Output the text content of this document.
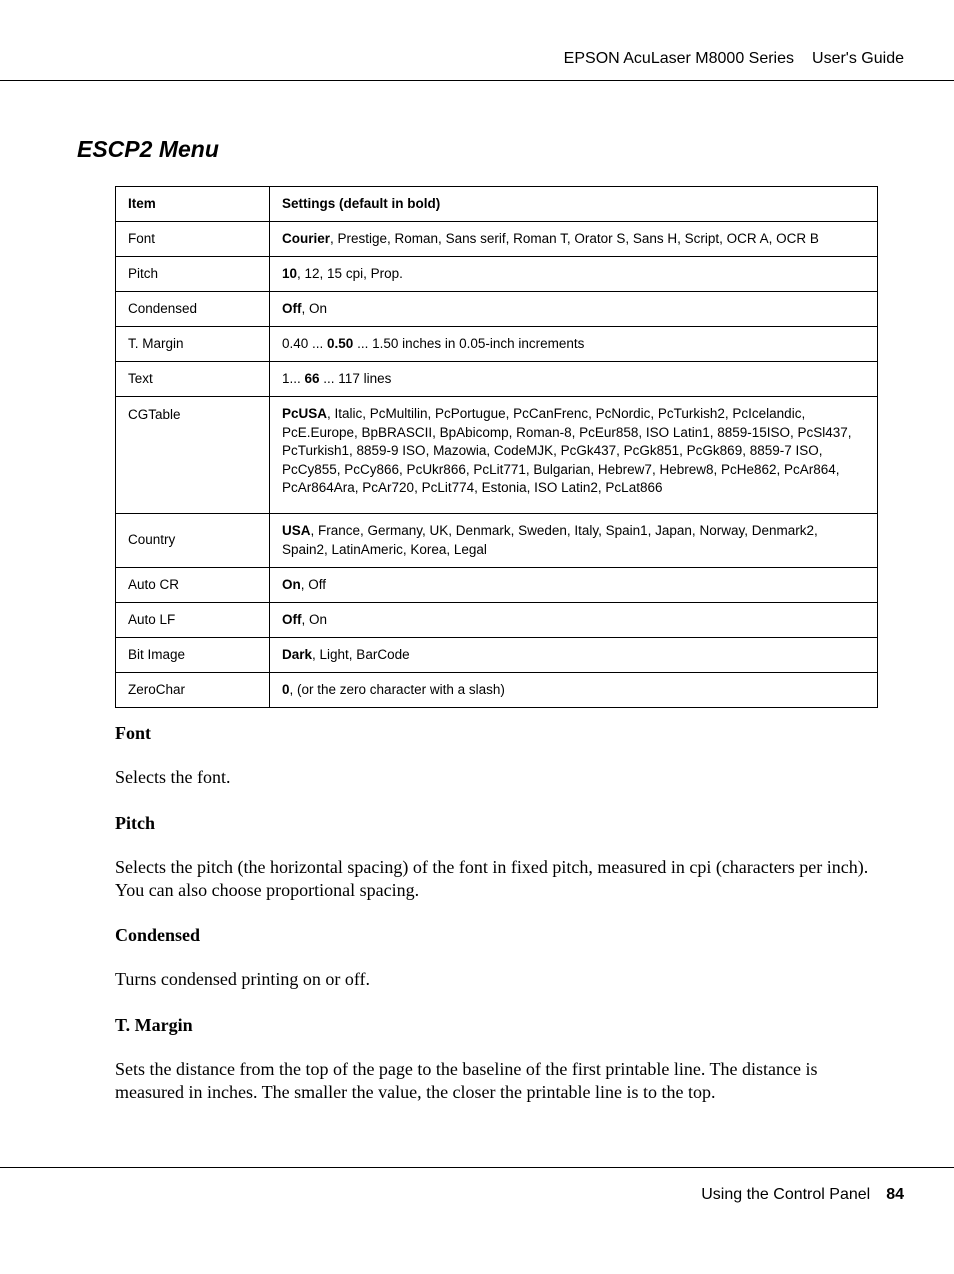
EPSON AcuLaser M8000 Series User's Guide
ESCP2 Menu
Item	Settings (default in bold)
Font	Courier, Prestige, Roman, Sans serif, Roman T, Orator S, Sans H, Script, OCR A, OCR B
Pitch	10, 12, 15 cpi, Prop.
Condensed	Off, On
T. Margin	0.40 ... 0.50 ... 1.50 inches in 0.05-inch increments
Text	1... 66 ... 117 lines
CGTable	PcUSA, Italic, PcMultilin, PcPortugue, PcCanFrenc, PcNordic, PcTurkish2, PcIcelandic, PcE.Europe, BpBRASCII, BpAbicomp, Roman-8, PcEur858, ISO Latin1, 8859-15ISO, PcSl437, PcTurkish1, 8859-9 ISO, Mazowia, CodeMJK, PcGk437, PcGk851, PcGk869, 8859-7 ISO, PcCy855, PcCy866, PcUkr866, PcLit771, Bulgarian, Hebrew7, Hebrew8, PcHe862, PcAr864, PcAr864Ara, PcAr720, PcLit774, Estonia, ISO Latin2, PcLat866
Country	USA, France, Germany, UK, Denmark, Sweden, Italy, Spain1, Japan, Norway, Denmark2, Spain2, LatinAmeric, Korea, Legal
Auto CR	On, Off
Auto LF	Off, On
Bit Image	Dark, Light, BarCode
ZeroChar	0, (or the zero character with a slash)
Font
Selects the font.
Pitch
Selects the pitch (the horizontal spacing) of the font in fixed pitch, measured in cpi (characters per inch). You can also choose proportional spacing.
Condensed
Turns condensed printing on or off.
T. Margin
Sets the distance from the top of the page to the baseline of the first printable line. The distance is measured in inches. The smaller the value, the closer the printable line is to the top.
Using the Control Panel 84
